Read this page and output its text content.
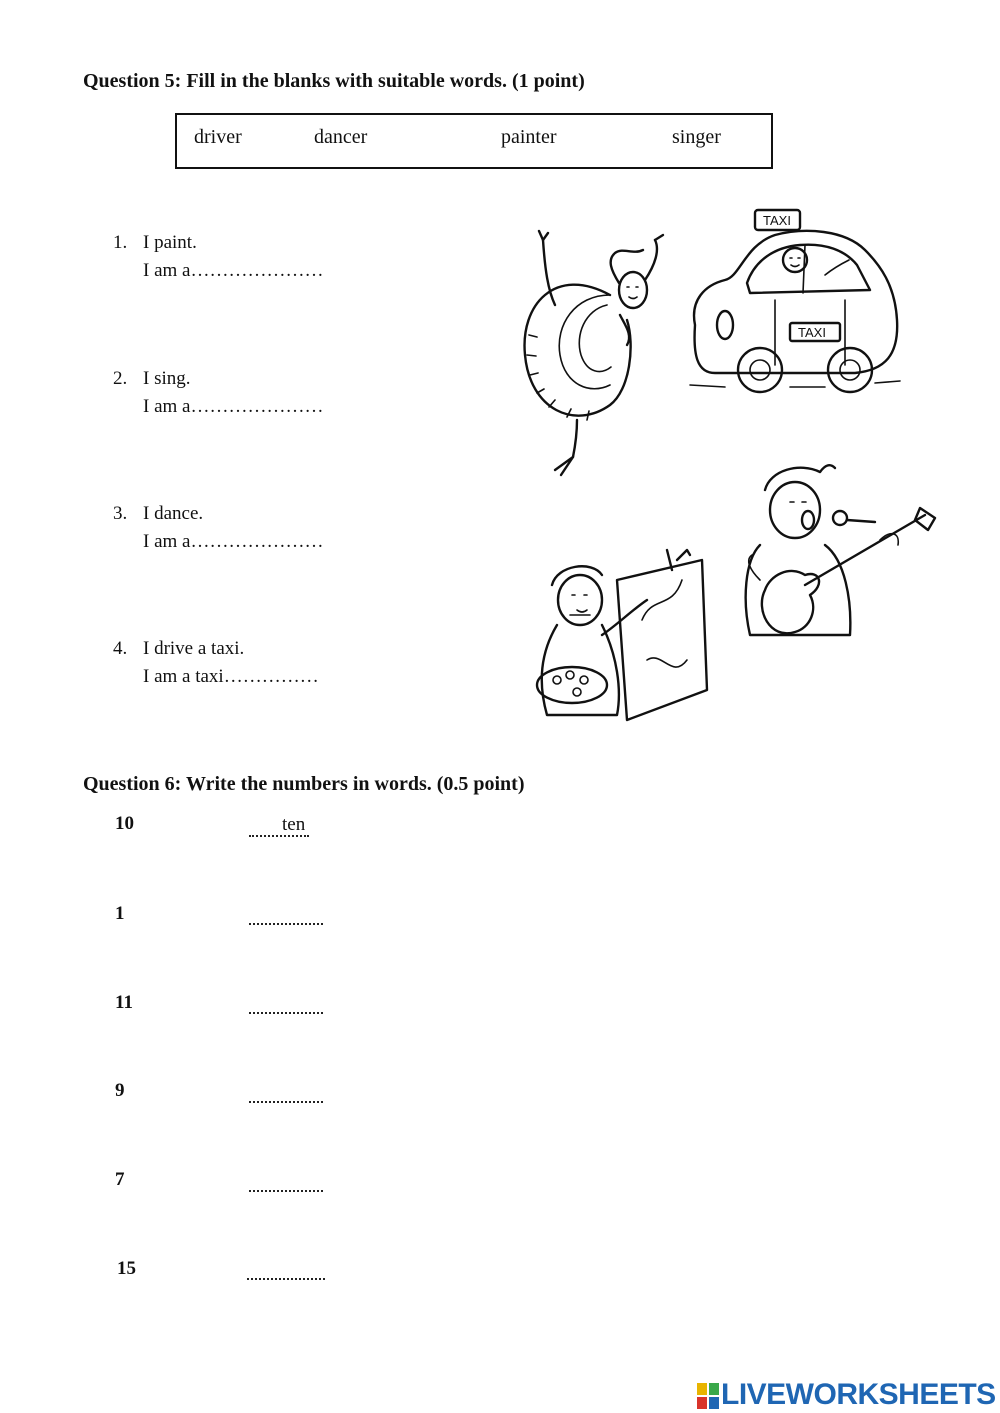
Question 5: Fill in the blanks with suitable words. (1 point)
driver	dancer	painter	singer
1. I paint.
I am a…………………
2. I sing.
I am a…………………
3. I dance.
I am a…………………
4. I drive a taxi.
I am a taxi……………
TAXI
TAXI
Question 6: Write the numbers in words. (0.5 point)
10	ten
1
11
9
7
15
LIVEWORKSHEETS
